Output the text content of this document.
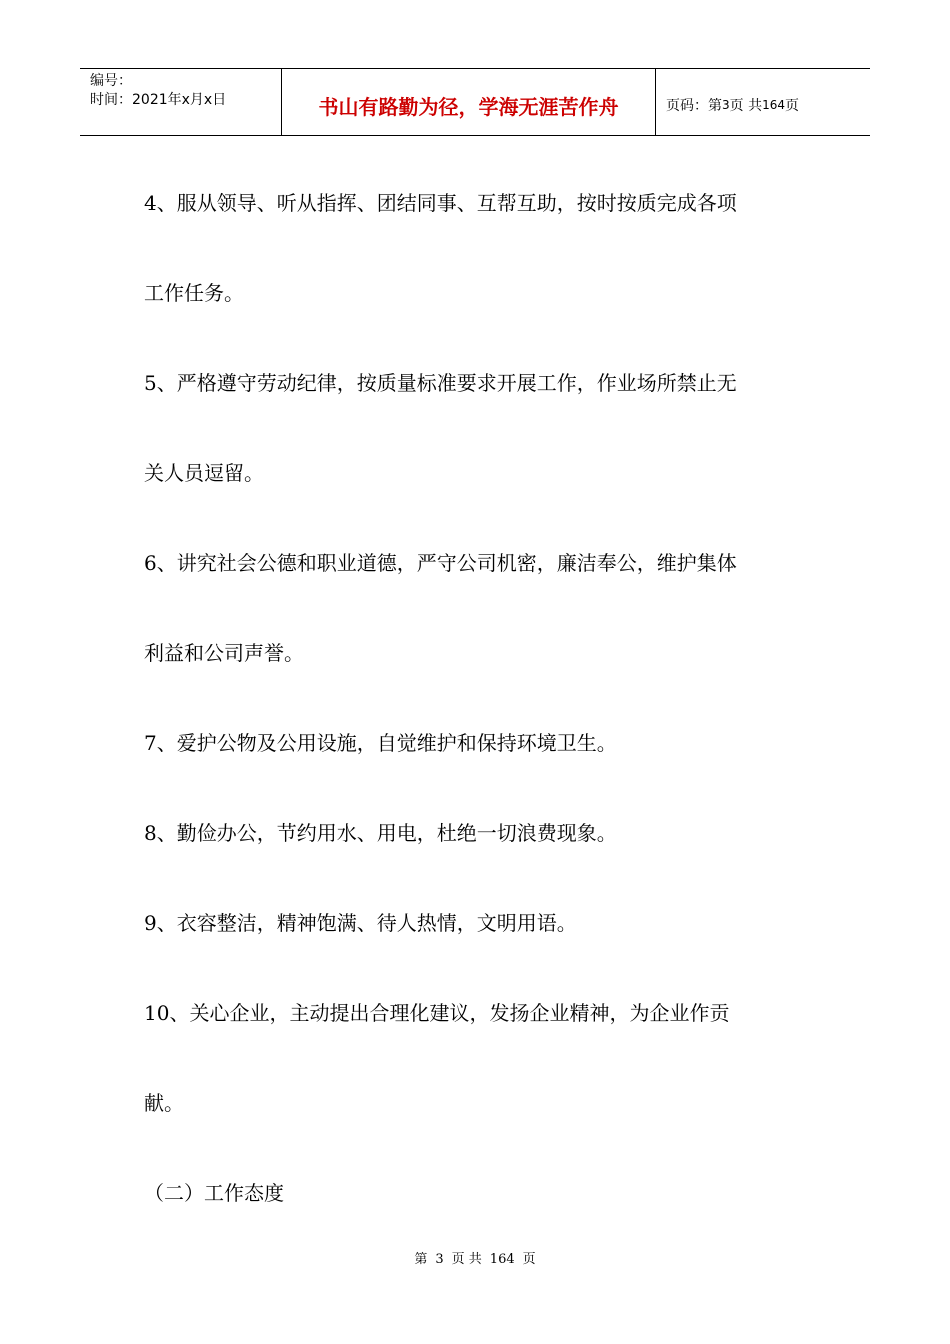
编号：
时间：2021年x月x日	书山有路勤为径，学海无涯苦作舟	页码：第 3 页 共 164 页

4、服从领导、听从指挥、团结同事、互帮互助，按时按质完成各项

工作任务。

5、严格遵守劳动纪律，按质量标准要求开展工作，作业场所禁止无

关人员逗留。

6、讲究社会公德和职业道德，严守公司机密，廉洁奉公，维护集体

利益和公司声誉。

7、爱护公物及公用设施，自觉维护和保持环境卫生。

8、勤俭办公，节约用水、用电，杜绝一切浪费现象。

9、衣容整洁，精神饱满、待人热情，文明用语。

10、关心企业，主动提出合理化建议，发扬企业精神，为企业作贡

献。

（二）工作态度

第 3 页 共 164 页
